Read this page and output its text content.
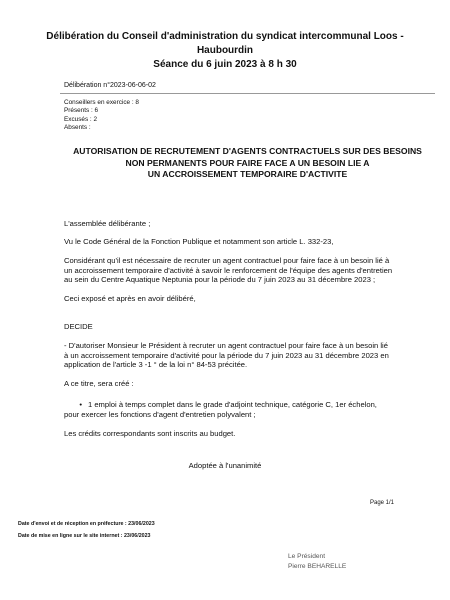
Délibération du Conseil d'administration du syndicat intercommunal Loos -
Haubourdin
Séance du 6 juin 2023 à 8 h 30
Délibération n°2023-06-06-02
Conseillers en exercice : 8
Présents : 6
Excusés : 2
Absents :
AUTORISATION DE RECRUTEMENT D'AGENTS CONTRACTUELS SUR DES BESOINS
NON PERMANENTS POUR FAIRE FACE A UN BESOIN LIE A
UN ACCROISSEMENT TEMPORAIRE D'ACTIVITE
L'assemblée délibérante ;
Vu le Code Général de la Fonction Publique et notamment son article L. 332-23,
Considérant qu'il est nécessaire de recruter un agent contractuel pour faire face à un besoin lié à
un accroissement temporaire d'activité à savoir le renforcement de l'équipe des agents d'entretien
au sein du Centre Aquatique Neptunia pour la période du 7 juin 2023 au 31 décembre 2023 ;
Ceci exposé et après en avoir délibéré,
DECIDE
- D'autoriser Monsieur le Président à recruter un agent contractuel pour faire face à un besoin lié
à un accroissement temporaire d'activité pour la période du 7 juin 2023 au 31 décembre 2023 en
application de l'article 3 -1 ° de la loi n° 84-53 précitée.
A ce titre, sera créé :
• 1 emploi à temps complet dans le grade d'adjoint technique, catégorie C, 1er échelon,
pour exercer les fonctions d'agent d'entretien polyvalent ;
Les crédits correspondants sont inscrits au budget.
Adoptée à l'unanimité
Page 1/1
Date d'envoi et de réception en préfecture : 23/06/2023
Date de mise en ligne sur le site internet : 23/06/2023
Le Président
Pierre BEHARELLE
